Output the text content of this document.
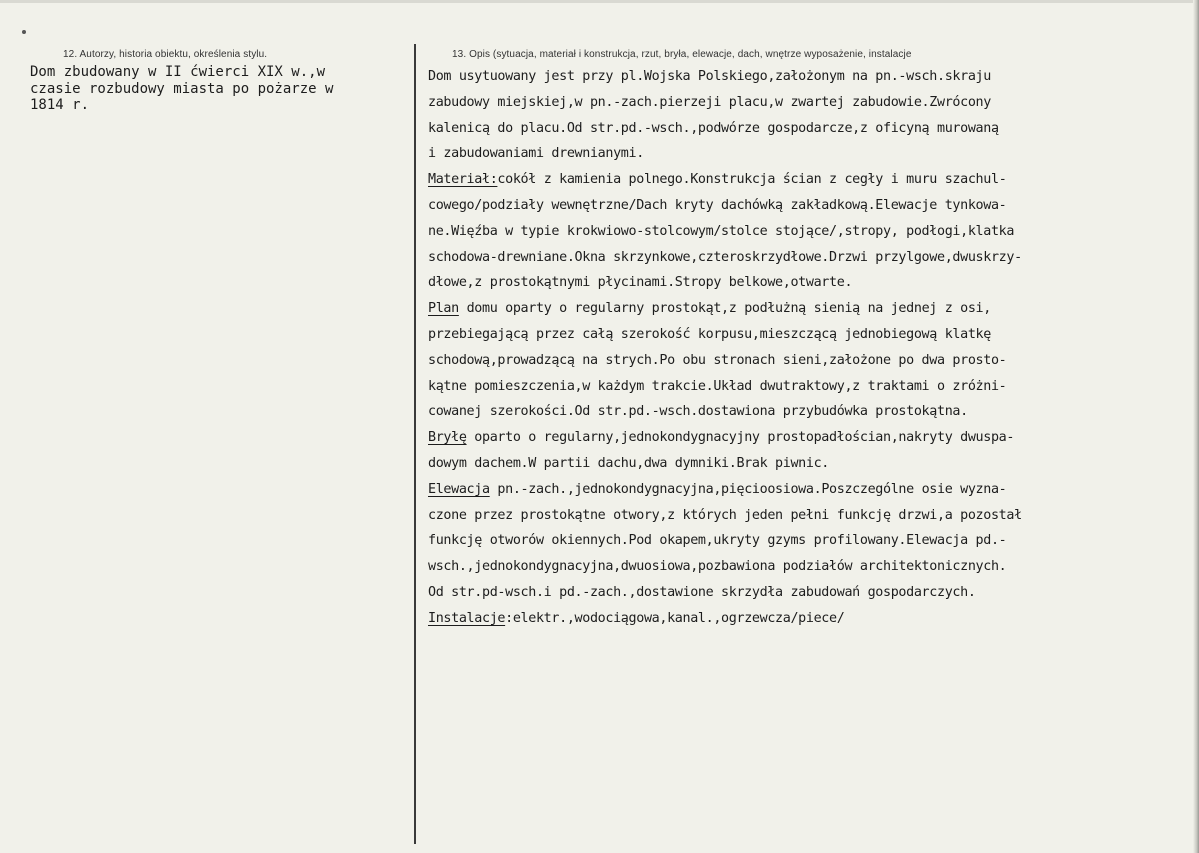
12. Autorzy, historia obiektu, określenia stylu.	13. Opis (sytuacja, materiał i konstrukcja, rzut, bryła, elewacje, dach, wnętrze wyposażenie, instalacje
Dom zbudowany w II ćwierci XIX w.,w
czasie rozbudowy miasta po pożarze w
1814 r.
Dom usytuowany jest przy pl.Wojska Polskiego,założonym na pn.-wsch.skraju
zabudowy miejskiej,w pn.-zach.pierzeji placu,w zwartej zabudowie.Zwrócony
kalenicą do placu.Od str.pd.-wsch.,podwórze gospodarcze,z oficyną murowaną
i zabudowaniami drewnianymi.
Materiał:cokół z kamienia polnego.Konstrukcja ścian z cegły i muru szachul-
cowego/podziały wewnętrzne/Dach kryty dachówką zakładkową.Elewacje tynkowa-
ne.Więźba w typie krokwiowo-stolcowym/stolce stojące/,stropy, podłogi,klatka
schodowa-drewniane.Okna skrzynkowe,czteroskrzydłowe.Drzwi przylgowe,dwuskrzy-
dłowe,z prostokątnymi płycinami.Stropy belkowe,otwarte.
Plan domu oparty o regularny prostokąt,z podłużną sienią na jednej z osi,
przebiegającą przez całą szerokość korpusu,mieszczącą jednobiegową klatkę
schodową,prowadzącą na strych.Po obu stronach sieni,założone po dwa prosto-
kątne pomieszczenia,w każdym trakcie.Układ dwutraktowy,z traktami o zróżni-
cowanej szerokości.Od str.pd.-wsch.dostawiona przybudówka prostokątna.
Bryłę oparto o regularny,jednokondygnacyjny prostopadłościan,nakryty dwuspa-
dowym dachem.W partii dachu,dwa dymniki.Brak piwnic.
Elewacja pn.-zach.,jednokondygnacyjna,pięcioosiowa.Poszczególne osie wyzna-
czone przez prostokątne otwory,z których jeden pełni funkcję drzwi,a pozostał
funkcję otworów okiennych.Pod okapem,ukryty gzyms profilowany.Elewacja pd.-
wsch.,jednokondygnacyjna,dwuosiowa,pozbawiona podziałów architektonicznych.
Od str.pd-wsch.i pd.-zach.,dostawione skrzydła zabudowań gospodarczych.
Instalacje:elektr.,wodociągowa,kanal.,ogrzewcza/piece/
